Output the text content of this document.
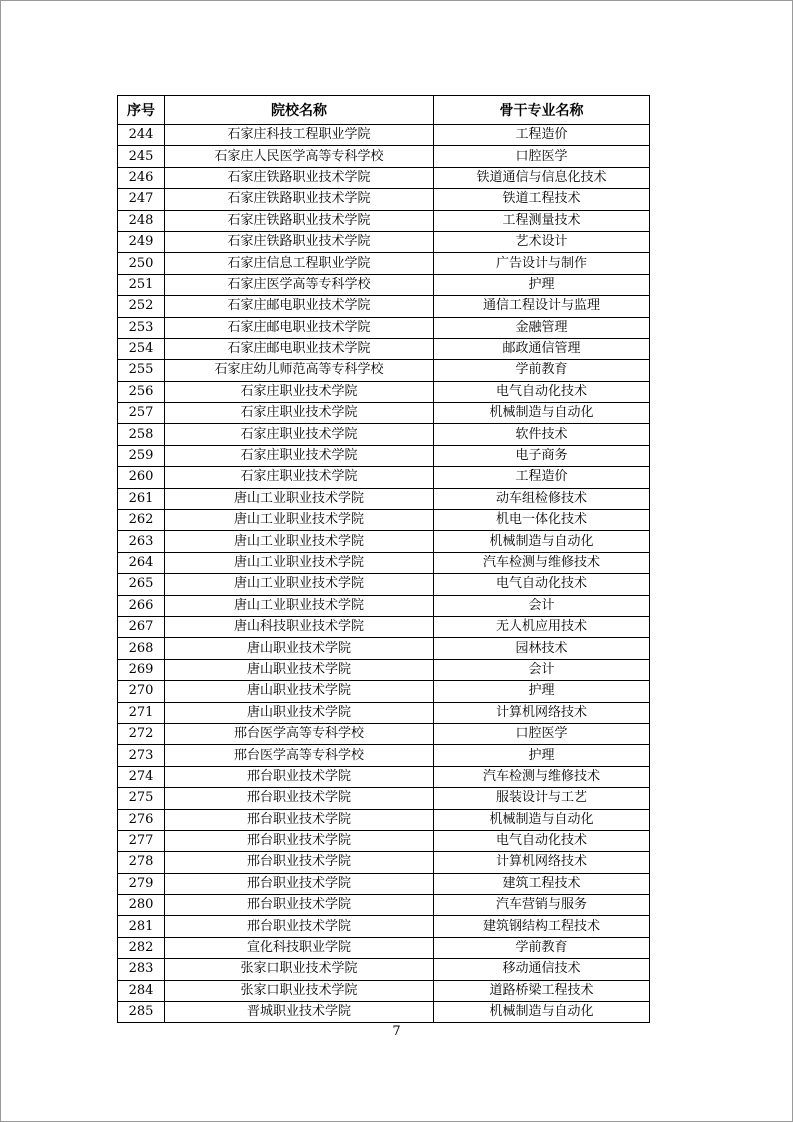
序号	院校名称	骨干专业名称
244	石家庄科技工程职业学院	工程造价
245	石家庄人民医学高等专科学校	口腔医学
246	石家庄铁路职业技术学院	铁道通信与信息化技术
247	石家庄铁路职业技术学院	铁道工程技术
248	石家庄铁路职业技术学院	工程测量技术
249	石家庄铁路职业技术学院	艺术设计
250	石家庄信息工程职业学院	广告设计与制作
251	石家庄医学高等专科学校	护理
252	石家庄邮电职业技术学院	通信工程设计与监理
253	石家庄邮电职业技术学院	金融管理
254	石家庄邮电职业技术学院	邮政通信管理
255	石家庄幼儿师范高等专科学校	学前教育
256	石家庄职业技术学院	电气自动化技术
257	石家庄职业技术学院	机械制造与自动化
258	石家庄职业技术学院	软件技术
259	石家庄职业技术学院	电子商务
260	石家庄职业技术学院	工程造价
261	唐山工业职业技术学院	动车组检修技术
262	唐山工业职业技术学院	机电一体化技术
263	唐山工业职业技术学院	机械制造与自动化
264	唐山工业职业技术学院	汽车检测与维修技术
265	唐山工业职业技术学院	电气自动化技术
266	唐山工业职业技术学院	会计
267	唐山科技职业技术学院	无人机应用技术
268	唐山职业技术学院	园林技术
269	唐山职业技术学院	会计
270	唐山职业技术学院	护理
271	唐山职业技术学院	计算机网络技术
272	邢台医学高等专科学校	口腔医学
273	邢台医学高等专科学校	护理
274	邢台职业技术学院	汽车检测与维修技术
275	邢台职业技术学院	服装设计与工艺
276	邢台职业技术学院	机械制造与自动化
277	邢台职业技术学院	电气自动化技术
278	邢台职业技术学院	计算机网络技术
279	邢台职业技术学院	建筑工程技术
280	邢台职业技术学院	汽车营销与服务
281	邢台职业技术学院	建筑钢结构工程技术
282	宣化科技职业学院	学前教育
283	张家口职业技术学院	移动通信技术
284	张家口职业技术学院	道路桥梁工程技术
285	晋城职业技术学院	机械制造与自动化
7
